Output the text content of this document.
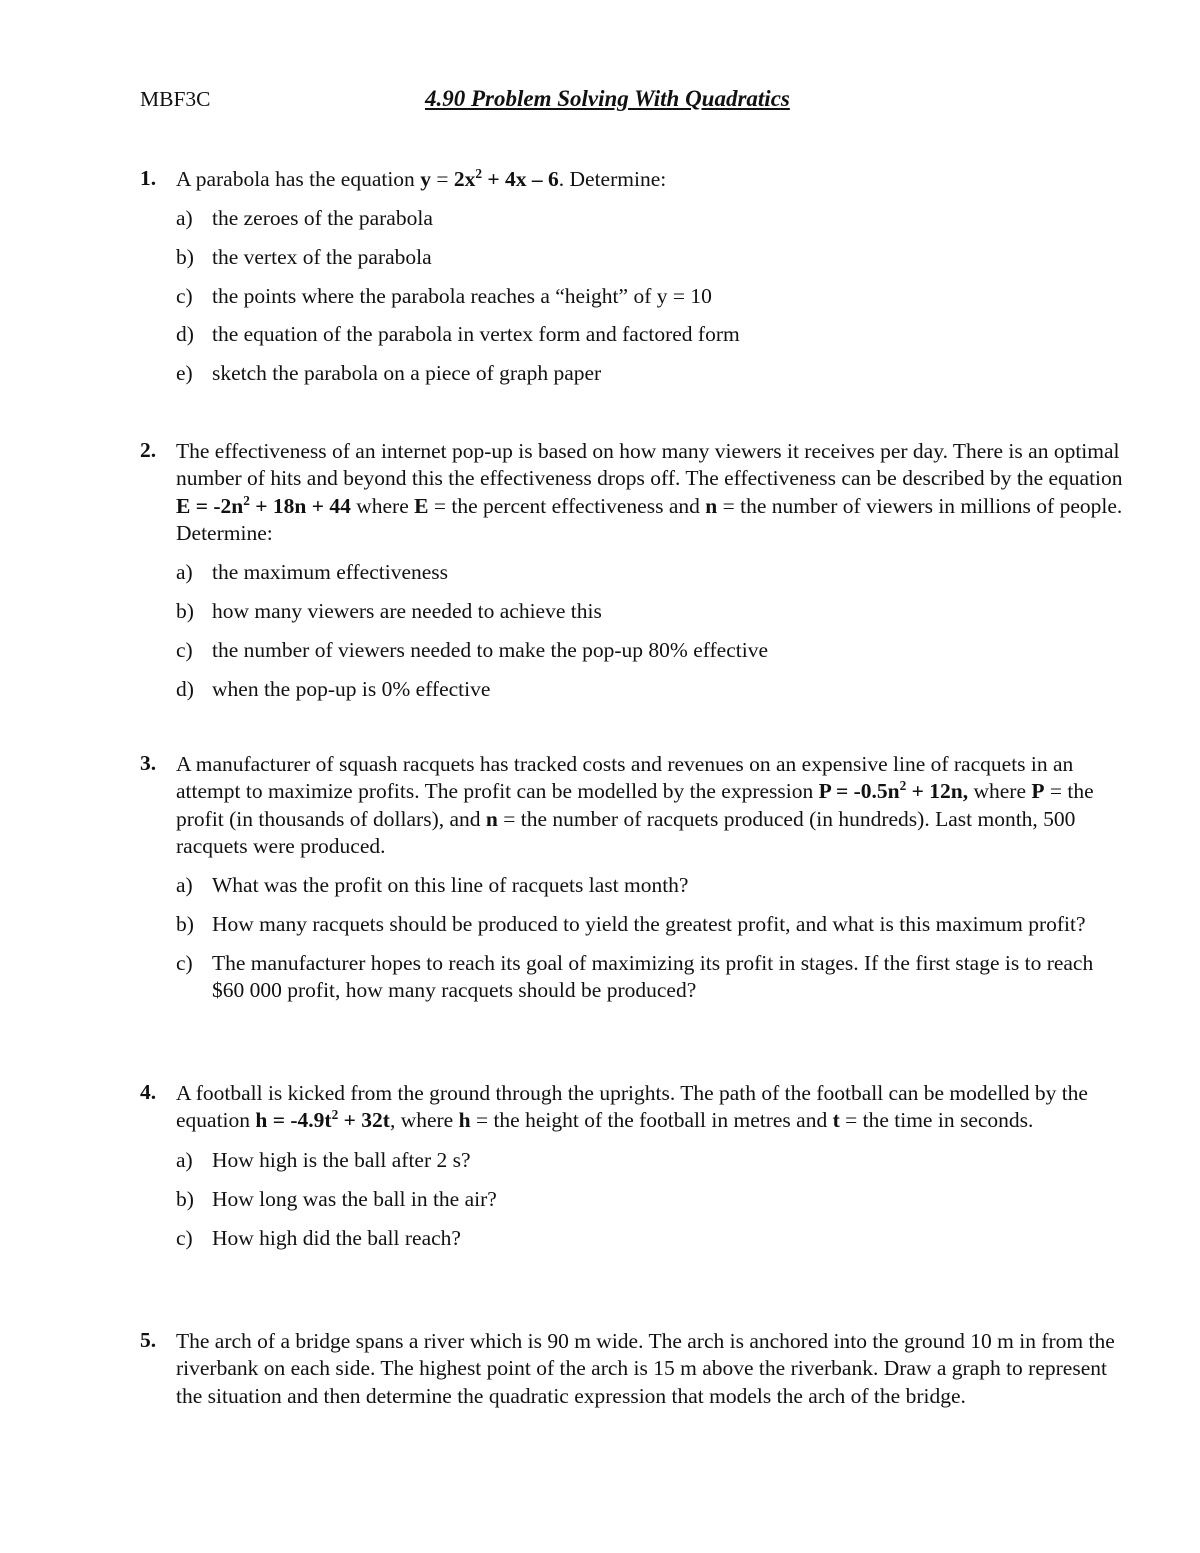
MBF3C	4.90 Problem Solving With Quadratics
1. A parabola has the equation $y = 2x^2 + 4x - 6$. Determine:
a) the zeroes of the parabola
b) the vertex of the parabola
c) the points where the parabola reaches a “height” of y = 10
d) the equation of the parabola in vertex form and factored form
e) sketch the parabola on a piece of graph paper
2. The effectiveness of an internet pop-up is based on how many viewers it receives per day. There is an optimal number of hits and beyond this the effectiveness drops off. The effectiveness can be described by the equation $E = -2n^2 + 18n + 44$ where E = the percent effectiveness and n = the number of viewers in millions of people. Determine:
a) the maximum effectiveness
b) how many viewers are needed to achieve this
c) the number of viewers needed to make the pop-up 80% effective
d) when the pop-up is 0% effective
3. A manufacturer of squash racquets has tracked costs and revenues on an expensive line of racquets in an attempt to maximize profits. The profit can be modelled by the expression $P = -0.5n^2 + 12n$, where P = the profit (in thousands of dollars), and n = the number of racquets produced (in hundreds). Last month, 500 racquets were produced.
a) What was the profit on this line of racquets last month?
b) How many racquets should be produced to yield the greatest profit, and what is this maximum profit?
c) The manufacturer hopes to reach its goal of maximizing its profit in stages. If the first stage is to reach $60 000 profit, how many racquets should be produced?
4. A football is kicked from the ground through the uprights. The path of the football can be modelled by the equation $h = -4.9t^2 + 32t$, where h = the height of the football in metres and t = the time in seconds.
a) How high is the ball after 2 s?
b) How long was the ball in the air?
c) How high did the ball reach?
5. The arch of a bridge spans a river which is 90 m wide. The arch is anchored into the ground 10 m in from the riverbank on each side. The highest point of the arch is 15 m above the riverbank. Draw a graph to represent the situation and then determine the quadratic expression that models the arch of the bridge.
